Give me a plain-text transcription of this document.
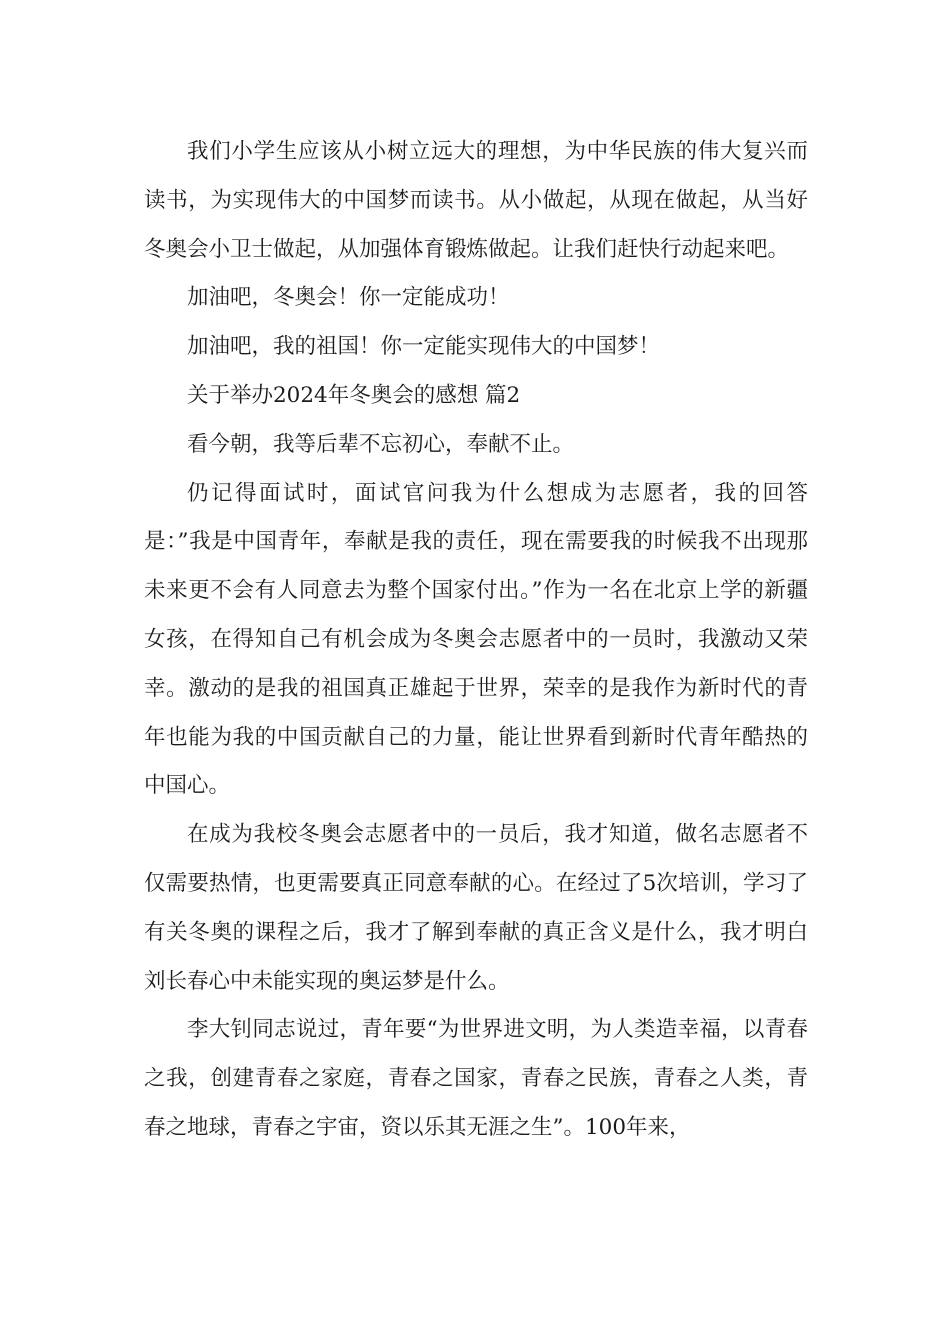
我们小学生应该从小树立远大的理想，为中华民族的伟大复兴而读书，为实现伟大的中国梦而读书。从小做起，从现在做起，从当好冬奥会小卫士做起，从加强体育锻炼做起。让我们赶快行动起来吧。

加油吧，冬奥会！你一定能成功！

加油吧，我的祖国！你一定能实现伟大的中国梦！

关于举办2024年冬奥会的感想 篇2

看今朝，我等后辈不忘初心，奉献不止。

仍记得面试时，面试官问我为什么想成为志愿者，我的回答是：”我是中国青年，奉献是我的责任，现在需要我的时候我不出现那未来更不会有人同意去为整个国家付出。”作为一名在北京上学的新疆女孩，在得知自己有机会成为冬奥会志愿者中的一员时，我激动又荣幸。激动的是我的祖国真正雄起于世界，荣幸的是我作为新时代的青年也能为我的中国贡献自己的力量，能让世界看到新时代青年酷热的中国心。

在成为我校冬奥会志愿者中的一员后，我才知道，做名志愿者不仅需要热情，也更需要真正同意奉献的心。在经过了5次培训，学习了有关冬奥的课程之后，我才了解到奉献的真正含义是什么，我才明白刘长春心中未能实现的奥运梦是什么。

李大钊同志说过，青年要“为世界进文明，为人类造幸福，以青春之我，创建青春之家庭，青春之国家，青春之民族，青春之人类，青春之地球，青春之宇宙，资以乐其无涯之生”。100年来，
